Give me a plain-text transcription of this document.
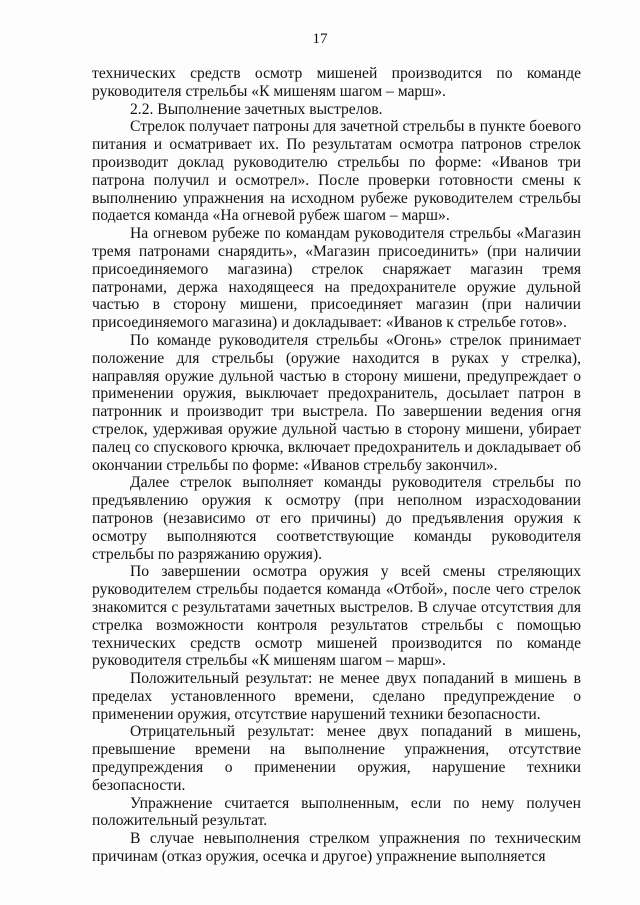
17

технических средств осмотр мишеней производится по команде руководителя стрельбы «К мишеням шагом – марш».

2.2. Выполнение зачетных выстрелов.

Стрелок получает патроны для зачетной стрельбы в пункте боевого питания и осматривает их. По результатам осмотра патронов стрелок производит доклад руководителю стрельбы по форме: «Иванов три патрона получил и осмотрел». После проверки готовности смены к выполнению упражнения на исходном рубеже руководителем стрельбы подается команда «На огневой рубеж шагом – марш».

На огневом рубеже по командам руководителя стрельбы «Магазин тремя патронами снарядить», «Магазин присоединить» (при наличии присоединяемого магазина) стрелок снаряжает магазин тремя патронами, держа находящееся на предохранителе оружие дульной частью в сторону мишени, присоединяет магазин (при наличии присоединяемого магазина) и докладывает: «Иванов к стрельбе готов».

По команде руководителя стрельбы «Огонь» стрелок принимает положение для стрельбы (оружие находится в руках у стрелка), направляя оружие дульной частью в сторону мишени, предупреждает о применении оружия, выключает предохранитель, досылает патрон в патронник и производит три выстрела. По завершении ведения огня стрелок, удерживая оружие дульной частью в сторону мишени, убирает палец со спускового крючка, включает предохранитель и докладывает об окончании стрельбы по форме: «Иванов стрельбу закончил».

Далее стрелок выполняет команды руководителя стрельбы по предъявлению оружия к осмотру (при неполном израсходовании патронов (независимо от его причины) до предъявления оружия к осмотру выполняются соответствующие команды руководителя стрельбы по разряжанию оружия).

По завершении осмотра оружия у всей смены стреляющих руководителем стрельбы подается команда «Отбой», после чего стрелок знакомится с результатами зачетных выстрелов. В случае отсутствия для стрелка возможности контроля результатов стрельбы с помощью технических средств осмотр мишеней производится по команде руководителя стрельбы «К мишеням шагом – марш».

Положительный результат: не менее двух попаданий в мишень в пределах установленного времени, сделано предупреждение о применении оружия, отсутствие нарушений техники безопасности.

Отрицательный результат: менее двух попаданий в мишень, превышение времени на выполнение упражнения, отсутствие предупреждения о применении оружия, нарушение техники безопасности.

Упражнение считается выполненным, если по нему получен положительный результат.

В случае невыполнения стрелком упражнения по техническим причинам (отказ оружия, осечка и другое) упражнение выполняется
